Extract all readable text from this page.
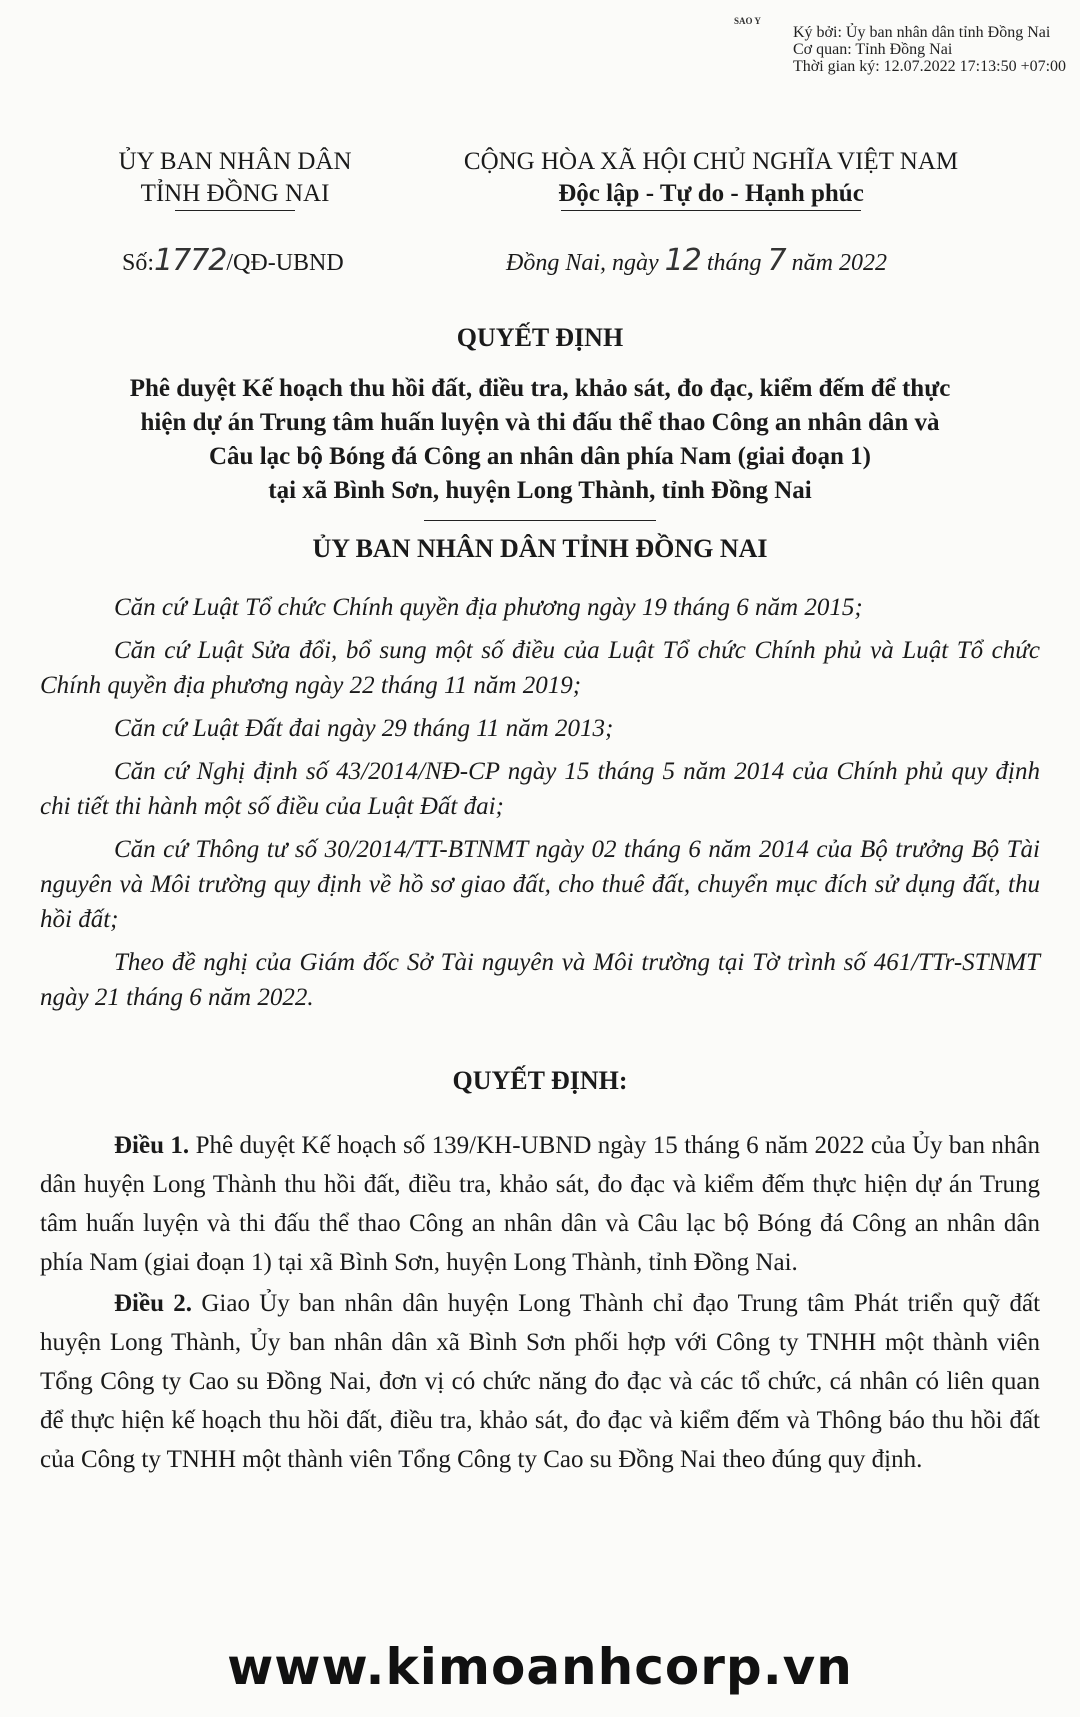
SAO Y
Ký bởi: Ủy ban nhân dân tỉnh Đồng Nai
Cơ quan: Tỉnh Đồng Nai
Thời gian ký: 12.07.2022 17:13:50 +07:00
ỦY BAN NHÂN DÂN
TỈNH ĐỒNG NAI
CỘNG HÒA XÃ HỘI CHỦ NGHĨA VIỆT NAM
Độc lập - Tự do - Hạnh phúc
Số:1772/QĐ-UBND	Đồng Nai, ngày 12 tháng 7 năm 2022
QUYẾT ĐỊNH
Phê duyệt Kế hoạch thu hồi đất, điều tra, khảo sát, đo đạc, kiểm đếm để thực
hiện dự án Trung tâm huấn luyện và thi đấu thể thao Công an nhân dân và
Câu lạc bộ Bóng đá Công an nhân dân phía Nam (giai đoạn 1)
tại xã Bình Sơn, huyện Long Thành, tỉnh Đồng Nai
ỦY BAN NHÂN DÂN TỈNH ĐỒNG NAI

Căn cứ Luật Tổ chức Chính quyền địa phương ngày 19 tháng 6 năm 2015;

Căn cứ Luật Sửa đổi, bổ sung một số điều của Luật Tổ chức Chính phủ và Luật Tổ chức Chính quyền địa phương ngày 22 tháng 11 năm 2019;

Căn cứ Luật Đất đai ngày 29 tháng 11 năm 2013;

Căn cứ Nghị định số 43/2014/NĐ-CP ngày 15 tháng 5 năm 2014 của Chính phủ quy định chi tiết thi hành một số điều của Luật Đất đai;

Căn cứ Thông tư số 30/2014/TT-BTNMT ngày 02 tháng 6 năm 2014 của Bộ trưởng Bộ Tài nguyên và Môi trường quy định về hồ sơ giao đất, cho thuê đất, chuyển mục đích sử dụng đất, thu hồi đất;

Theo đề nghị của Giám đốc Sở Tài nguyên và Môi trường tại Tờ trình số 461/TTr-STNMT ngày 21 tháng 6 năm 2022.

QUYẾT ĐỊNH:

Điều 1. Phê duyệt Kế hoạch số 139/KH-UBND ngày 15 tháng 6 năm 2022 của Ủy ban nhân dân huyện Long Thành thu hồi đất, điều tra, khảo sát, đo đạc và kiểm đếm thực hiện dự án Trung tâm huấn luyện và thi đấu thể thao Công an nhân dân và Câu lạc bộ Bóng đá Công an nhân dân phía Nam (giai đoạn 1) tại xã Bình Sơn, huyện Long Thành, tỉnh Đồng Nai.

Điều 2. Giao Ủy ban nhân dân huyện Long Thành chỉ đạo Trung tâm Phát triển quỹ đất huyện Long Thành, Ủy ban nhân dân xã Bình Sơn phối hợp với Công ty TNHH một thành viên Tổng Công ty Cao su Đồng Nai, đơn vị có chức năng đo đạc và các tổ chức, cá nhân có liên quan để thực hiện kế hoạch thu hồi đất, điều tra, khảo sát, đo đạc và kiểm đếm và Thông báo thu hồi đất của Công ty TNHH một thành viên Tổng Công ty Cao su Đồng Nai theo đúng quy định.

www.kimoanhcorp.vn
